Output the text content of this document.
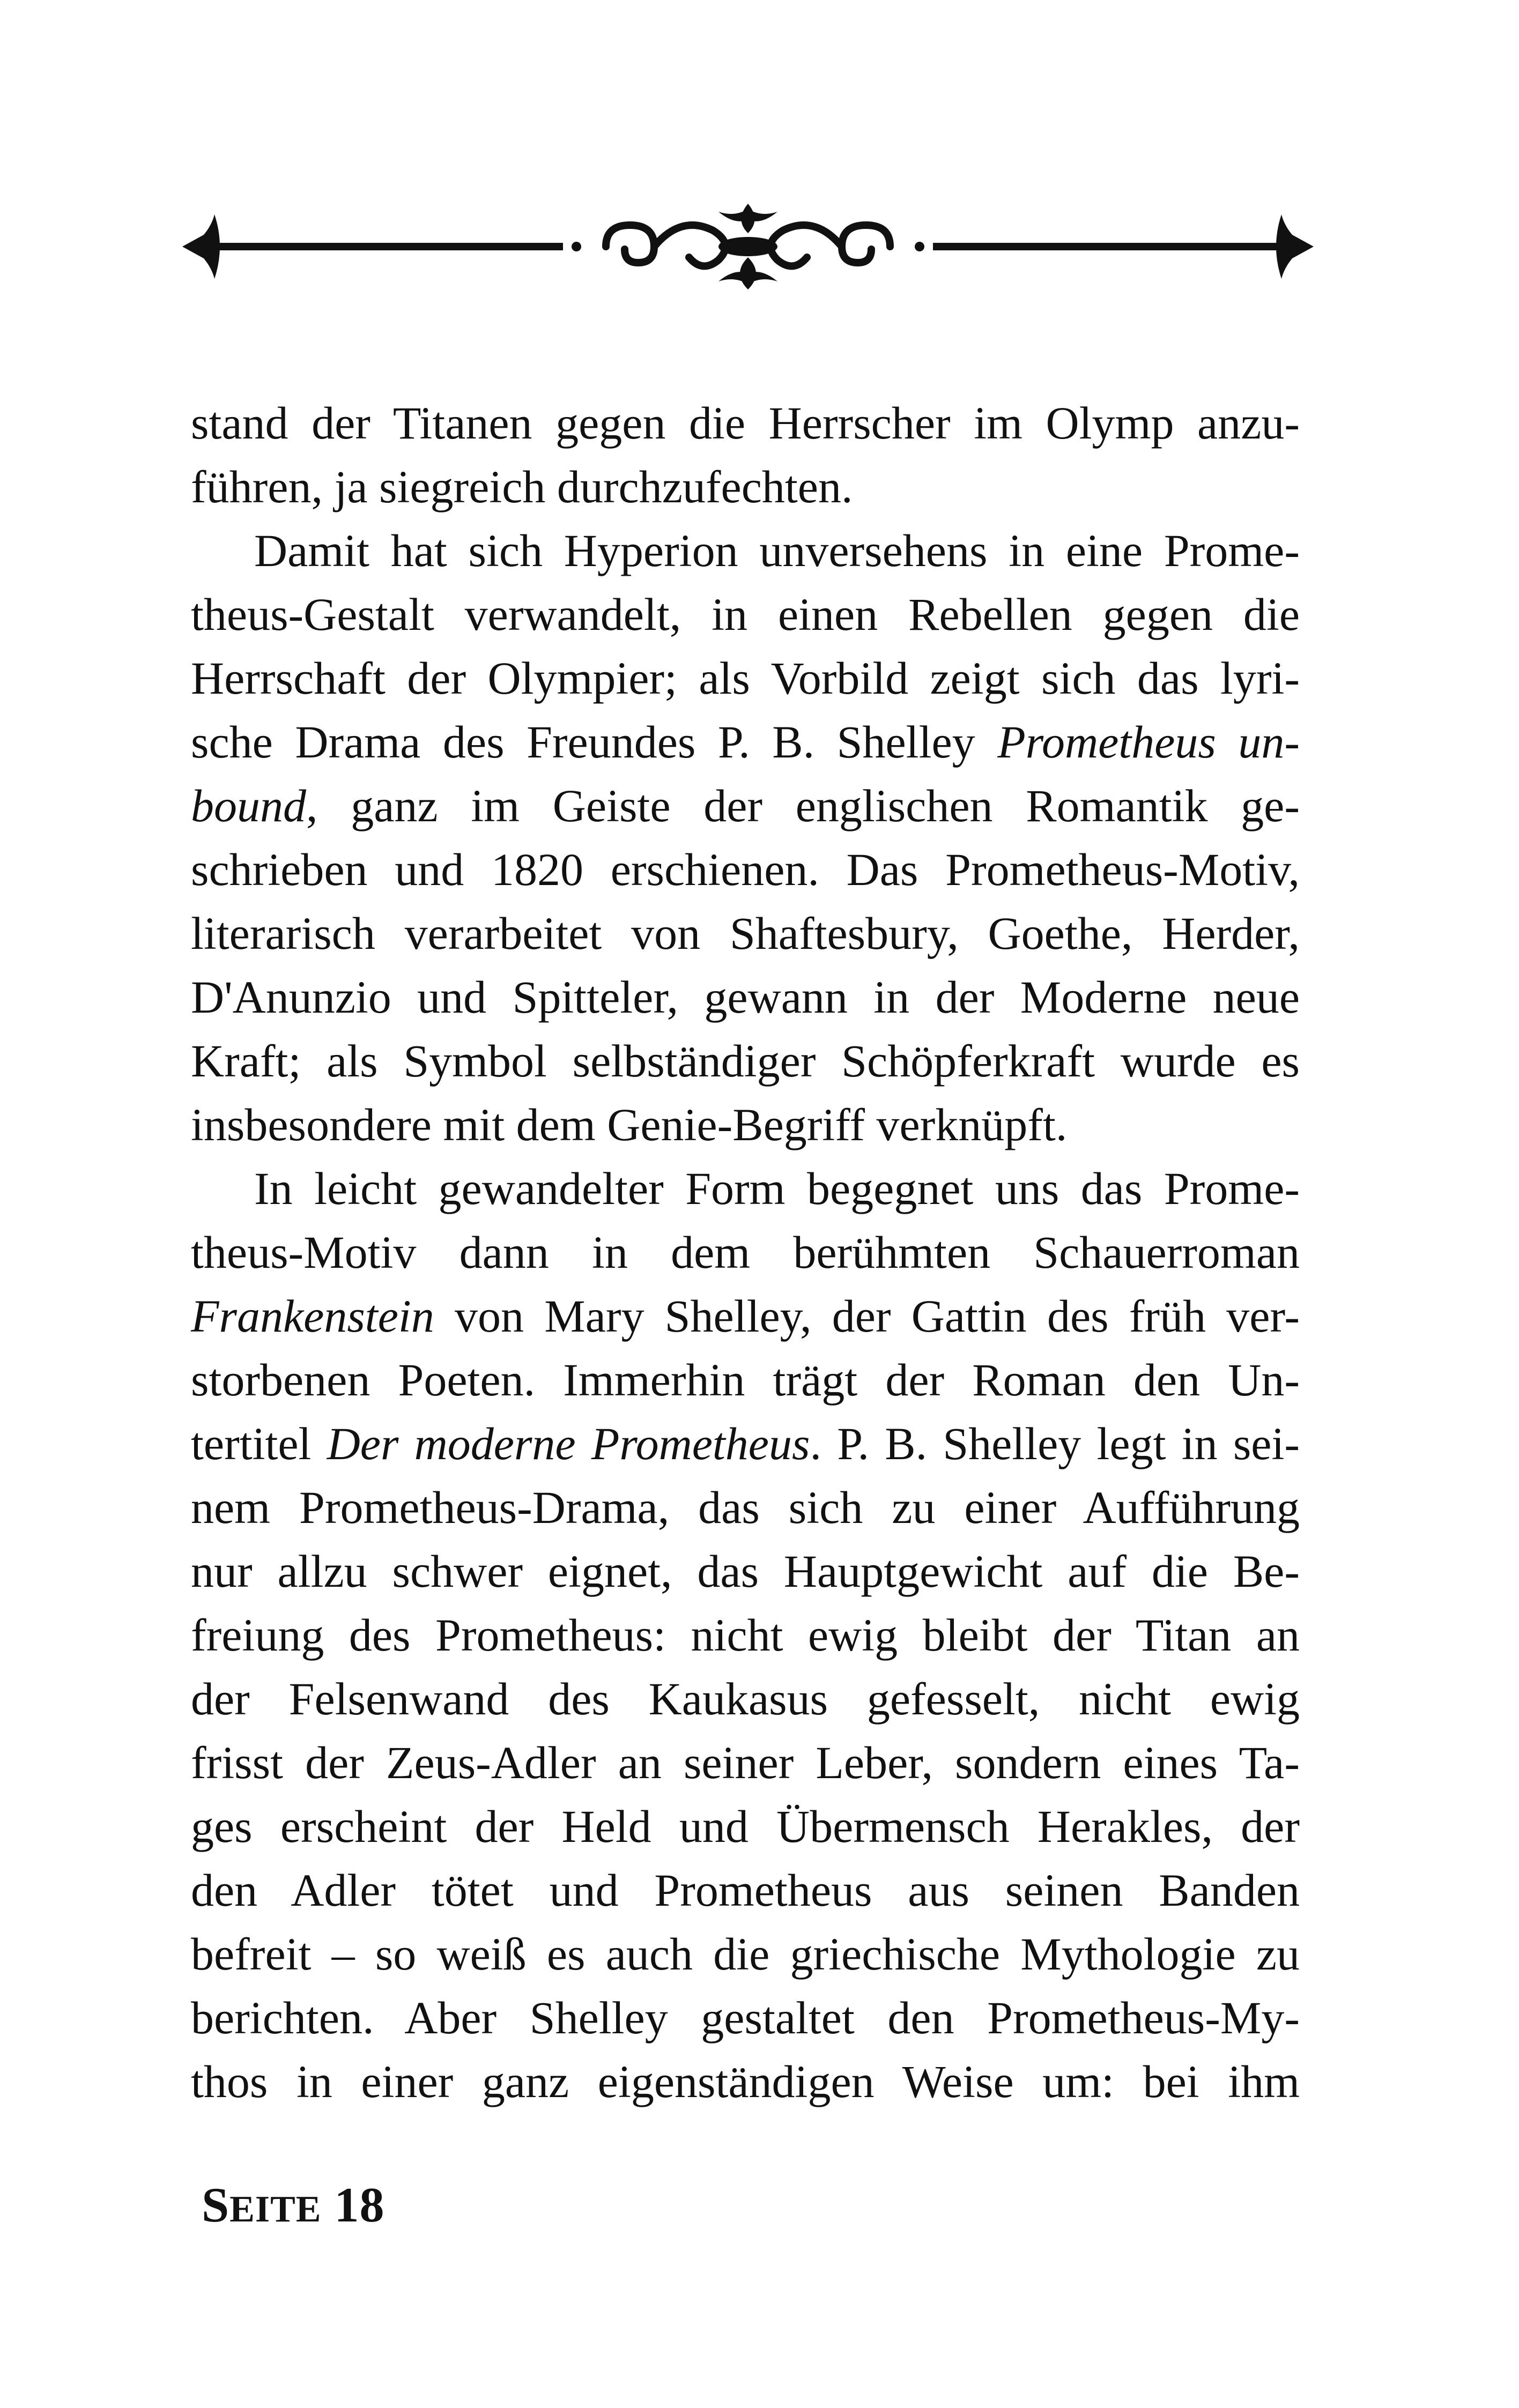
stand der Titanen gegen die Herrscher im Olymp anzu-
führen, ja siegreich durchzufechten.

Damit hat sich Hyperion unversehens in eine Prome-
theus-Gestalt verwandelt, in einen Rebellen gegen die
Herrschaft der Olympier; als Vorbild zeigt sich das lyri-
sche Drama des Freundes P. B. Shelley Prometheus un-
bound, ganz im Geiste der englischen Romantik ge-
schrieben und 1820 erschienen. Das Prometheus-Motiv,
literarisch verarbeitet von Shaftesbury, Goethe, Herder,
D'Anunzio und Spitteler, gewann in der Moderne neue
Kraft; als Symbol selbständiger Schöpferkraft wurde es
insbesondere mit dem Genie-Begriff verknüpft.

In leicht gewandelter Form begegnet uns das Prome-
theus-Motiv dann in dem berühmten Schauerroman
Frankenstein von Mary Shelley, der Gattin des früh ver-
storbenen Poeten. Immerhin trägt der Roman den Un-
tertitel Der moderne Prometheus. P. B. Shelley legt in sei-
nem Prometheus-Drama, das sich zu einer Aufführung
nur allzu schwer eignet, das Hauptgewicht auf die Be-
freiung des Prometheus: nicht ewig bleibt der Titan an
der Felsenwand des Kaukasus gefesselt, nicht ewig
frisst der Zeus-Adler an seiner Leber, sondern eines Ta-
ges erscheint der Held und Übermensch Herakles, der
den Adler tötet und Prometheus aus seinen Banden
befreit – so weiß es auch die griechische Mythologie zu
berichten. Aber Shelley gestaltet den Prometheus-My-
thos in einer ganz eigenständigen Weise um: bei ihm

SEITE 18
